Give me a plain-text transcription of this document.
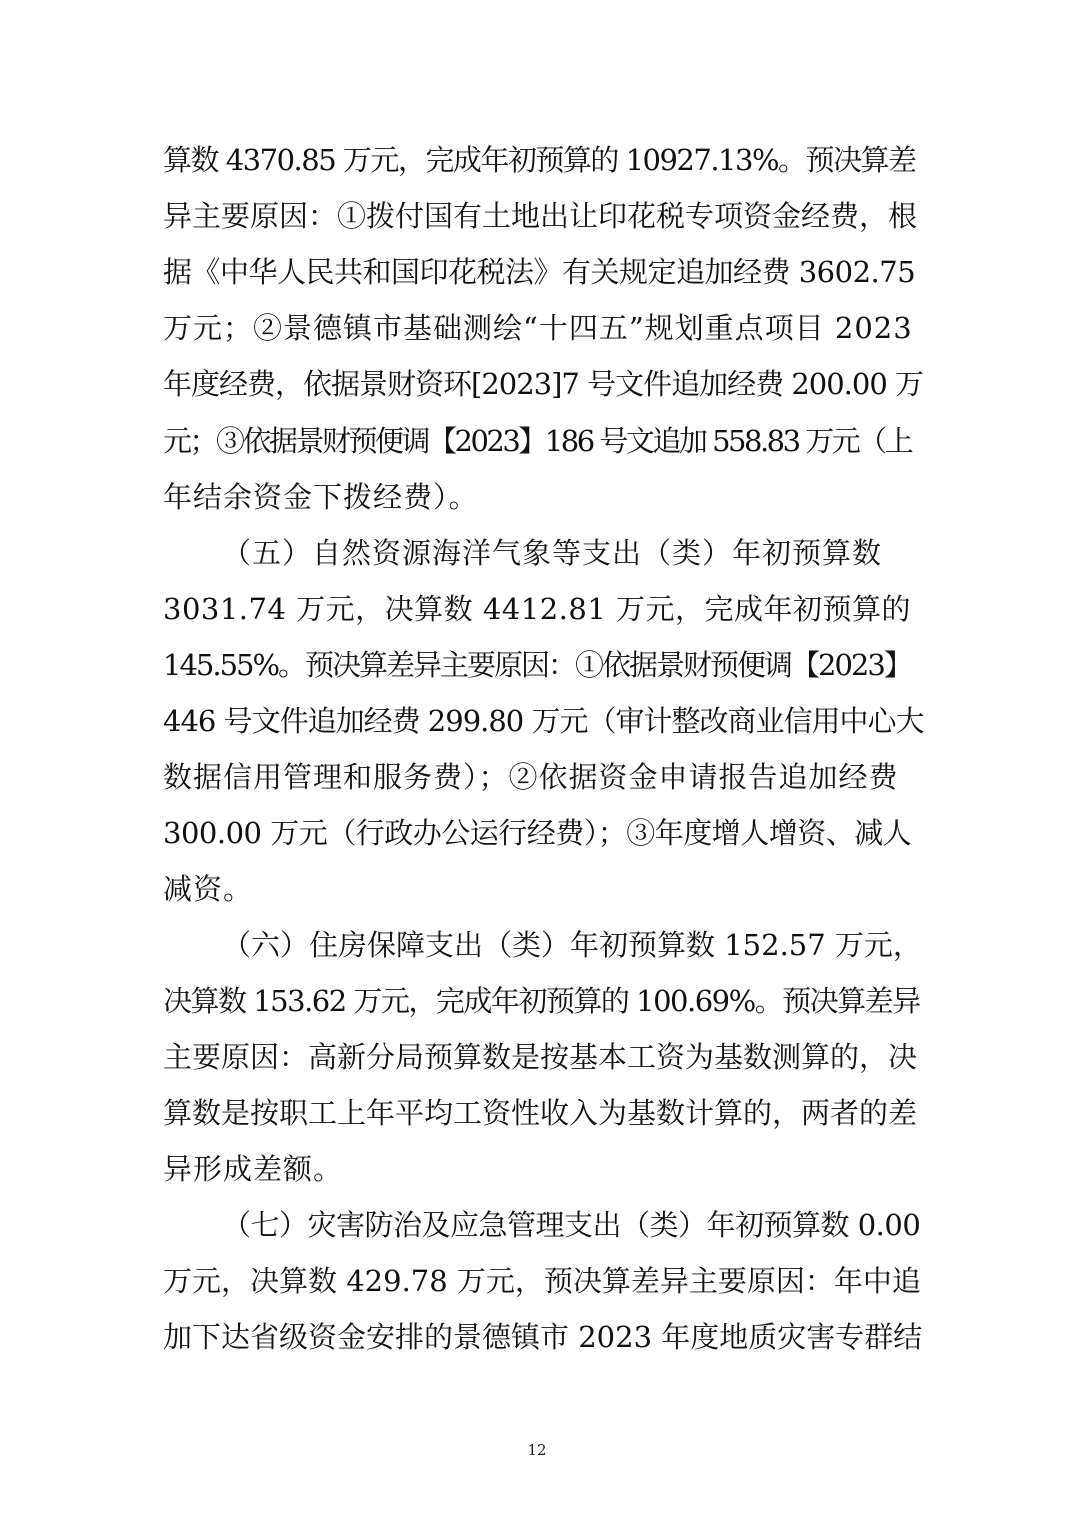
算数 4370.85 万元，完成年初预算的 10927.13%。预决算差
异主要原因：①拨付国有土地出让印花税专项资金经费，根
据《中华人民共和国印花税法》有关规定追加经费 3602.75
万元；②景德镇市基础测绘“十四五”规划重点项目 2023
年度经费，依据景财资环[2023]7 号文件追加经费 200.00 万
元；③依据景财预便调【2023】186 号文追加 558.83 万元（上
年结余资金下拨经费）。
（五）自然资源海洋气象等支出（类）年初预算数
3031.74 万元，决算数 4412.81 万元，完成年初预算的
145.55%。预决算差异主要原因：①依据景财预便调【2023】
446 号文件追加经费 299.80 万元（审计整改商业信用中心大
数据信用管理和服务费）；②依据资金申请报告追加经费
300.00 万元（行政办公运行经费）；③年度增人增资、减人
减资。
（六）住房保障支出（类）年初预算数 152.57 万元，
决算数 153.62 万元，完成年初预算的 100.69%。预决算差异
主要原因：高新分局预算数是按基本工资为基数测算的，决
算数是按职工上年平均工资性收入为基数计算的，两者的差
异形成差额。
（七）灾害防治及应急管理支出（类）年初预算数 0.00
万元，决算数 429.78 万元，预决算差异主要原因：年中追
加下达省级资金安排的景德镇市 2023 年度地质灾害专群结
12
